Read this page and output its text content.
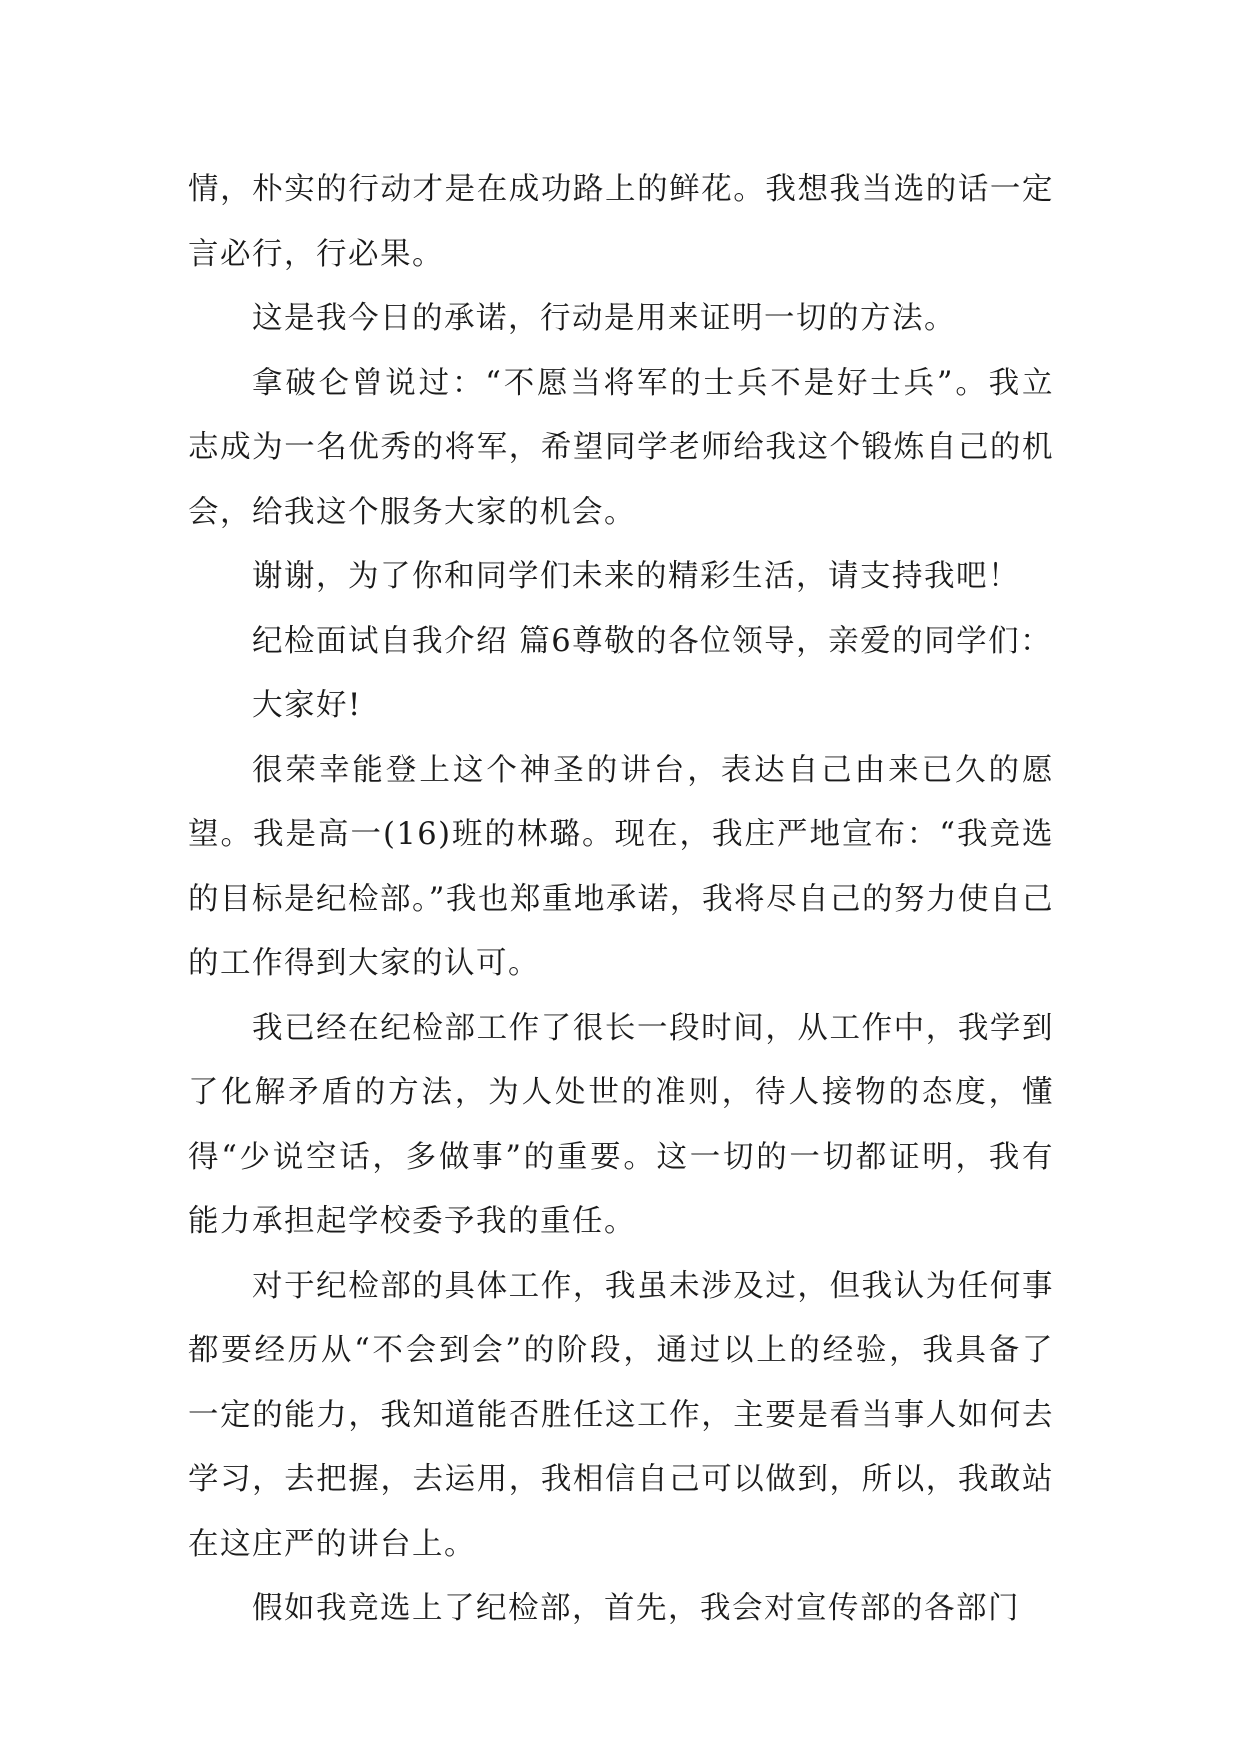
情，朴实的行动才是在成功路上的鲜花。我想我当选的话一定言必行，行必果。

这是我今日的承诺，行动是用来证明一切的方法。

拿破仑曾说过：“不愿当将军的士兵不是好士兵”。我立志成为一名优秀的将军，希望同学老师给我这个锻炼自己的机会，给我这个服务大家的机会。

谢谢，为了你和同学们未来的精彩生活，请支持我吧！

纪检面试自我介绍 篇6尊敬的各位领导，亲爱的同学们：

大家好!

很荣幸能登上这个神圣的讲台，表达自己由来已久的愿望。我是高一(16)班的林璐。现在，我庄严地宣布：“我竞选的目标是纪检部。”我也郑重地承诺，我将尽自己的努力使自己的工作得到大家的认可。

我已经在纪检部工作了很长一段时间，从工作中，我学到了化解矛盾的方法，为人处世的准则，待人接物的态度，懂得“少说空话，多做事”的重要。这一切的一切都证明，我有能力承担起学校委予我的重任。

对于纪检部的具体工作，我虽未涉及过，但我认为任何事都要经历从“不会到会”的阶段，通过以上的经验，我具备了一定的能力，我知道能否胜任这工作，主要是看当事人如何去学习，去把握，去运用，我相信自己可以做到，所以，我敢站在这庄严的讲台上。

假如我竞选上了纪检部，首先，我会对宣传部的各部门
